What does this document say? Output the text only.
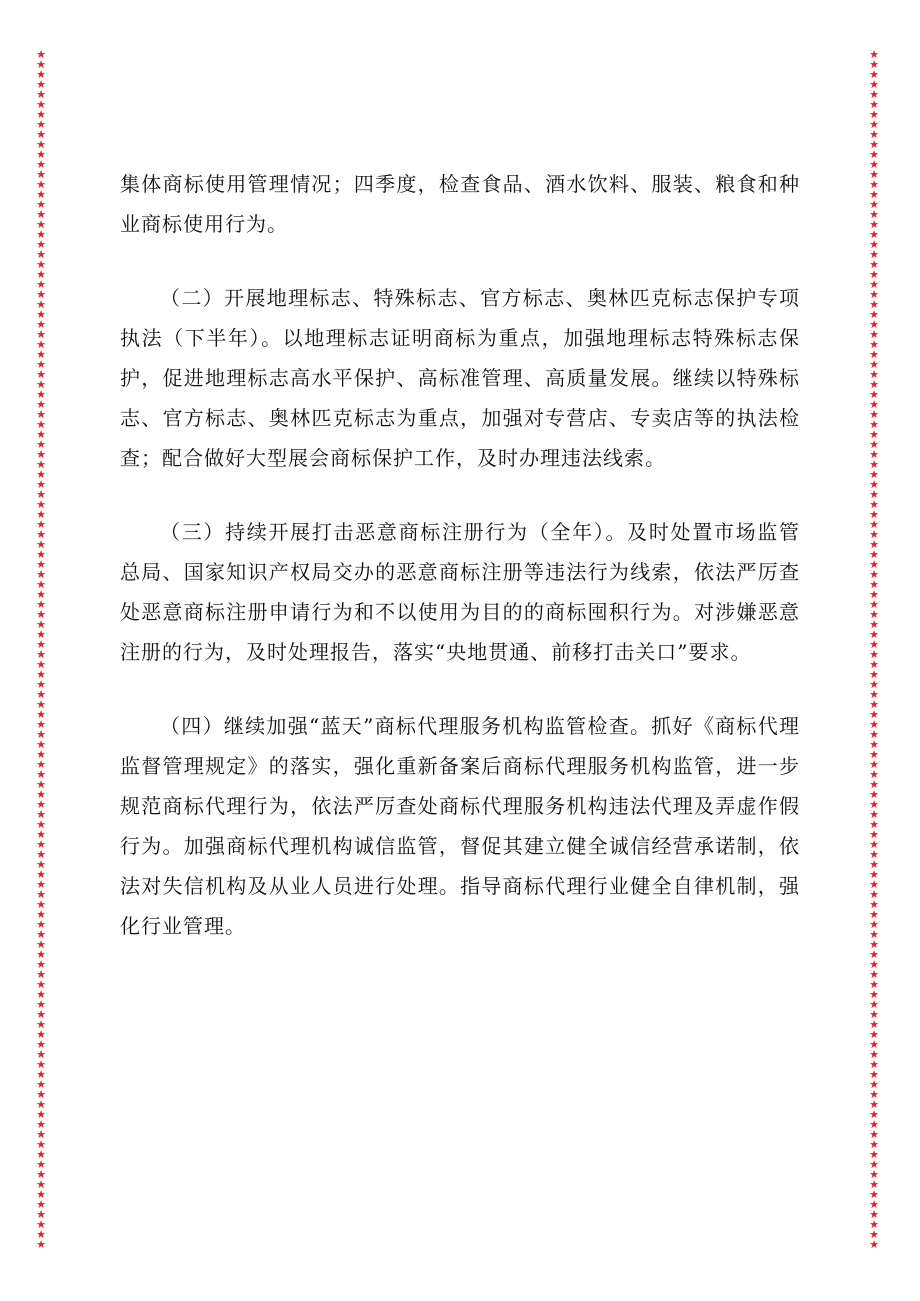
★
★
★
★
★
★
★
★
★
★
★
★
★
★
★
★
★
★
★
★
★
★
★
★
★
★
★
★
★
★
★
★
★
★
★
★
★
★
★
★
★
★
★
★
★
★
★
★
★
★
★
★
★
★
★
★
★
★
★
★
★
★
★
★
★
★
★
★
★
★
★
★
★
★
★
★
★
★
★
★
★
★
★
★
★
★
★
★
★
★
★
★
★
★
★
★
★
★
★
★
★
★
★
★
★
★
★
★
★
★
★
★
★
★
★
★
★
★
★
★
★
★
★
★
★
★
★
★
★
★
★
★
★
★
★
★
★
★
★
★
★
★
★
★
★
★
★
★
★
★
★
★
★
★
★
★
★
★
★
★
★
★
★
★
★
★
★
★
★
★
★
★
★
★
★
★
★
★
★
★
★
★
★
★
★
★
★
★
★
★
★
★
★
★
★
★
★
★
★
★
★
★
★
★
★
★
★
★
★
★
★
★
★
★
★
★
★
★
★
★
★
★
★
★
★
★
★
★
★
★
★
★
★
★
★
★
★
★
★
★

集体商标使用管理情况；四季度，检查食品、酒水饮料、服装、粮食和种业商标使用行为。

（二）开展地理标志、特殊标志、官方标志、奥林匹克标志保护专项执法（下半年）。以地理标志证明商标为重点，加强地理标志特殊标志保护，促进地理标志高水平保护、高标准管理、高质量发展。继续以特殊标志、官方标志、奥林匹克标志为重点，加强对专营店、专卖店等的执法检查；配合做好大型展会商标保护工作，及时办理违法线索。

（三）持续开展打击恶意商标注册行为（全年）。及时处置市场监管总局、国家知识产权局交办的恶意商标注册等违法行为线索，依法严厉查处恶意商标注册申请行为和不以使用为目的的商标囤积行为。对涉嫌恶意注册的行为，及时处理报告，落实“央地贯通、前移打击关口”要求。

（四）继续加强“蓝天”商标代理服务机构监管检查。抓好《商标代理监督管理规定》的落实，强化重新备案后商标代理服务机构监管，进一步规范商标代理行为，依法严厉查处商标代理服务机构违法代理及弄虚作假行为。加强商标代理机构诚信监管，督促其建立健全诚信经营承诺制，依法对失信机构及从业人员进行处理。指导商标代理行业健全自律机制，强化行业管理。
